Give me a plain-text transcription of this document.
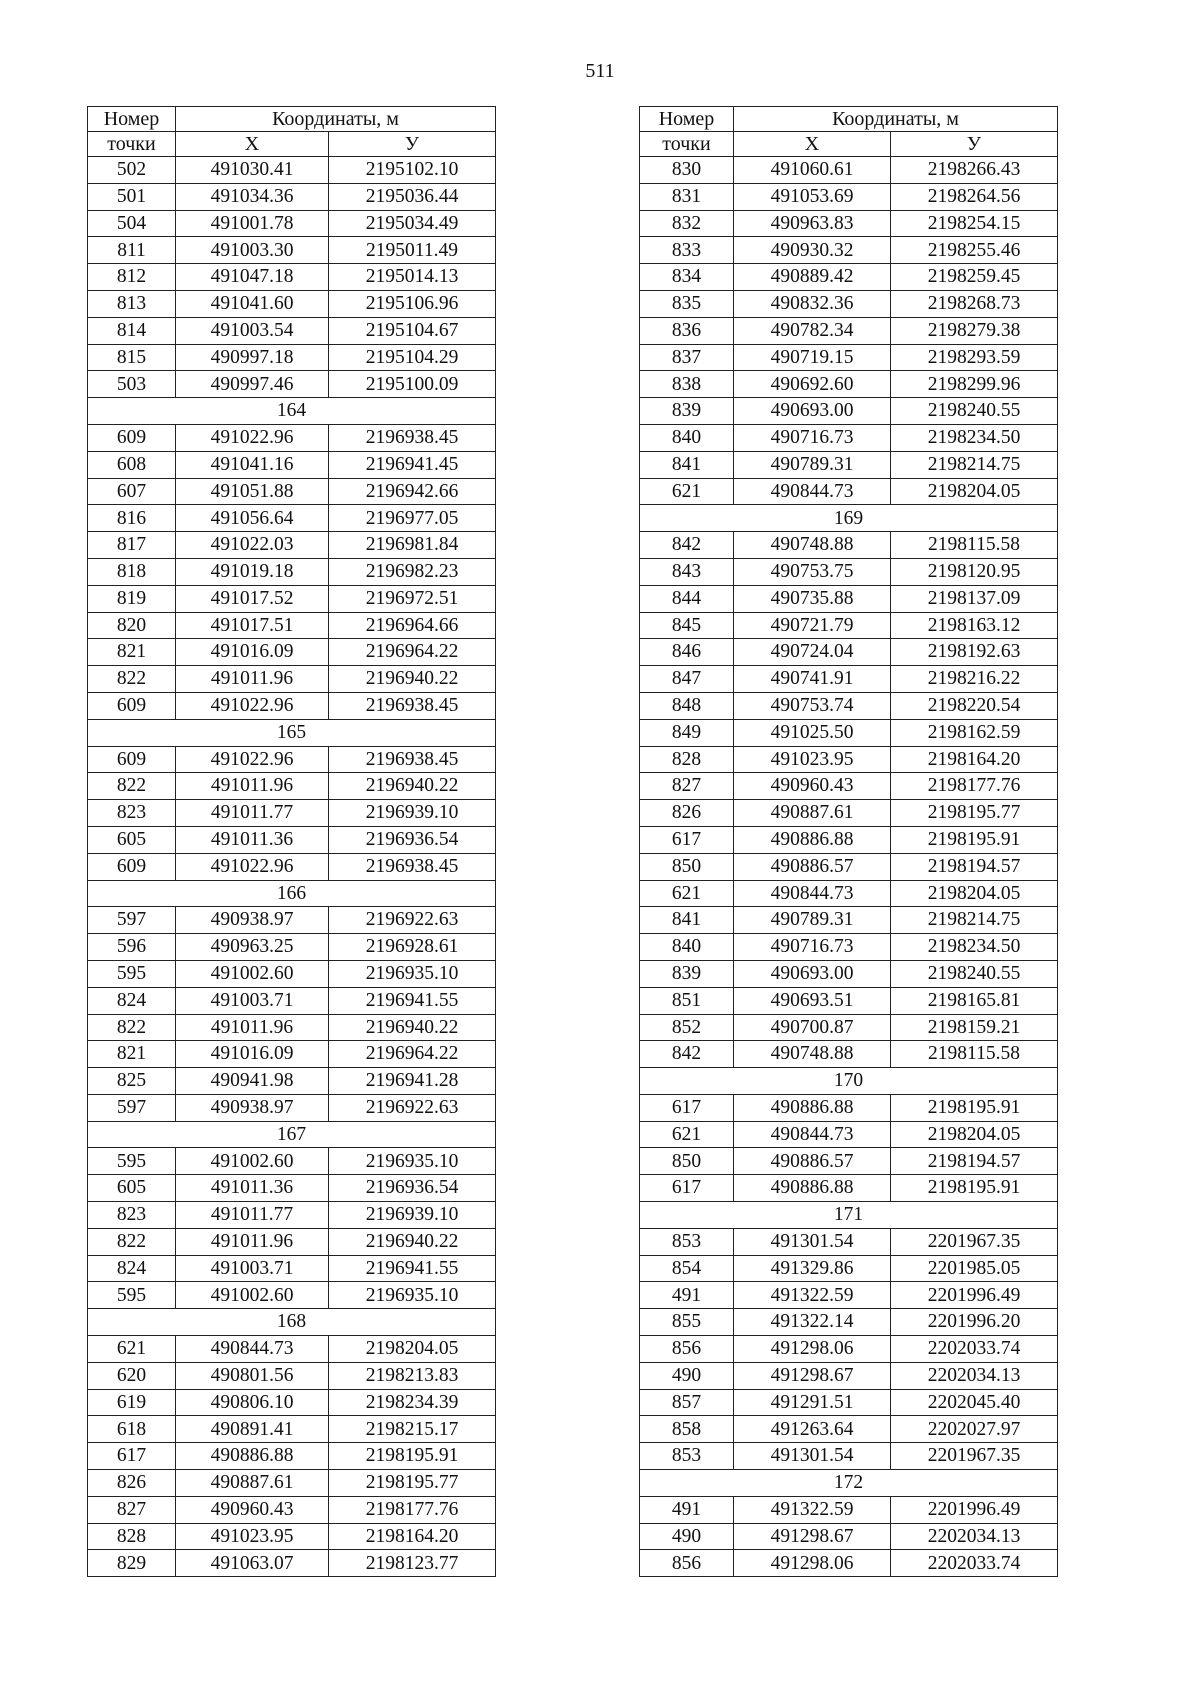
511
Номер	Координаты, м	
точки	X	У
502	491030.41	2195102.10
501	491034.36	2195036.44
504	491001.78	2195034.49
811	491003.30	2195011.49
812	491047.18	2195014.13
813	491041.60	2195106.96
814	491003.54	2195104.67
815	490997.18	2195104.29
503	490997.46	2195100.09
164		
609	491022.96	2196938.45
608	491041.16	2196941.45
607	491051.88	2196942.66
816	491056.64	2196977.05
817	491022.03	2196981.84
818	491019.18	2196982.23
819	491017.52	2196972.51
820	491017.51	2196964.66
821	491016.09	2196964.22
822	491011.96	2196940.22
609	491022.96	2196938.45
165		
609	491022.96	2196938.45
822	491011.96	2196940.22
823	491011.77	2196939.10
605	491011.36	2196936.54
609	491022.96	2196938.45
166		
597	490938.97	2196922.63
596	490963.25	2196928.61
595	491002.60	2196935.10
824	491003.71	2196941.55
822	491011.96	2196940.22
821	491016.09	2196964.22
825	490941.98	2196941.28
597	490938.97	2196922.63
167		
595	491002.60	2196935.10
605	491011.36	2196936.54
823	491011.77	2196939.10
822	491011.96	2196940.22
824	491003.71	2196941.55
595	491002.60	2196935.10
168		
621	490844.73	2198204.05
620	490801.56	2198213.83
619	490806.10	2198234.39
618	490891.41	2198215.17
617	490886.88	2198195.91
826	490887.61	2198195.77
827	490960.43	2198177.76
828	491023.95	2198164.20
829	491063.07	2198123.77
Номер	Координаты, м	
точки	X	У
830	491060.61	2198266.43
831	491053.69	2198264.56
832	490963.83	2198254.15
833	490930.32	2198255.46
834	490889.42	2198259.45
835	490832.36	2198268.73
836	490782.34	2198279.38
837	490719.15	2198293.59
838	490692.60	2198299.96
839	490693.00	2198240.55
840	490716.73	2198234.50
841	490789.31	2198214.75
621	490844.73	2198204.05
169		
842	490748.88	2198115.58
843	490753.75	2198120.95
844	490735.88	2198137.09
845	490721.79	2198163.12
846	490724.04	2198192.63
847	490741.91	2198216.22
848	490753.74	2198220.54
849	491025.50	2198162.59
828	491023.95	2198164.20
827	490960.43	2198177.76
826	490887.61	2198195.77
617	490886.88	2198195.91
850	490886.57	2198194.57
621	490844.73	2198204.05
841	490789.31	2198214.75
840	490716.73	2198234.50
839	490693.00	2198240.55
851	490693.51	2198165.81
852	490700.87	2198159.21
842	490748.88	2198115.58
170		
617	490886.88	2198195.91
621	490844.73	2198204.05
850	490886.57	2198194.57
617	490886.88	2198195.91
171		
853	491301.54	2201967.35
854	491329.86	2201985.05
491	491322.59	2201996.49
855	491322.14	2201996.20
856	491298.06	2202033.74
490	491298.67	2202034.13
857	491291.51	2202045.40
858	491263.64	2202027.97
853	491301.54	2201967.35
172		
491	491322.59	2201996.49
490	491298.67	2202034.13
856	491298.06	2202033.74
